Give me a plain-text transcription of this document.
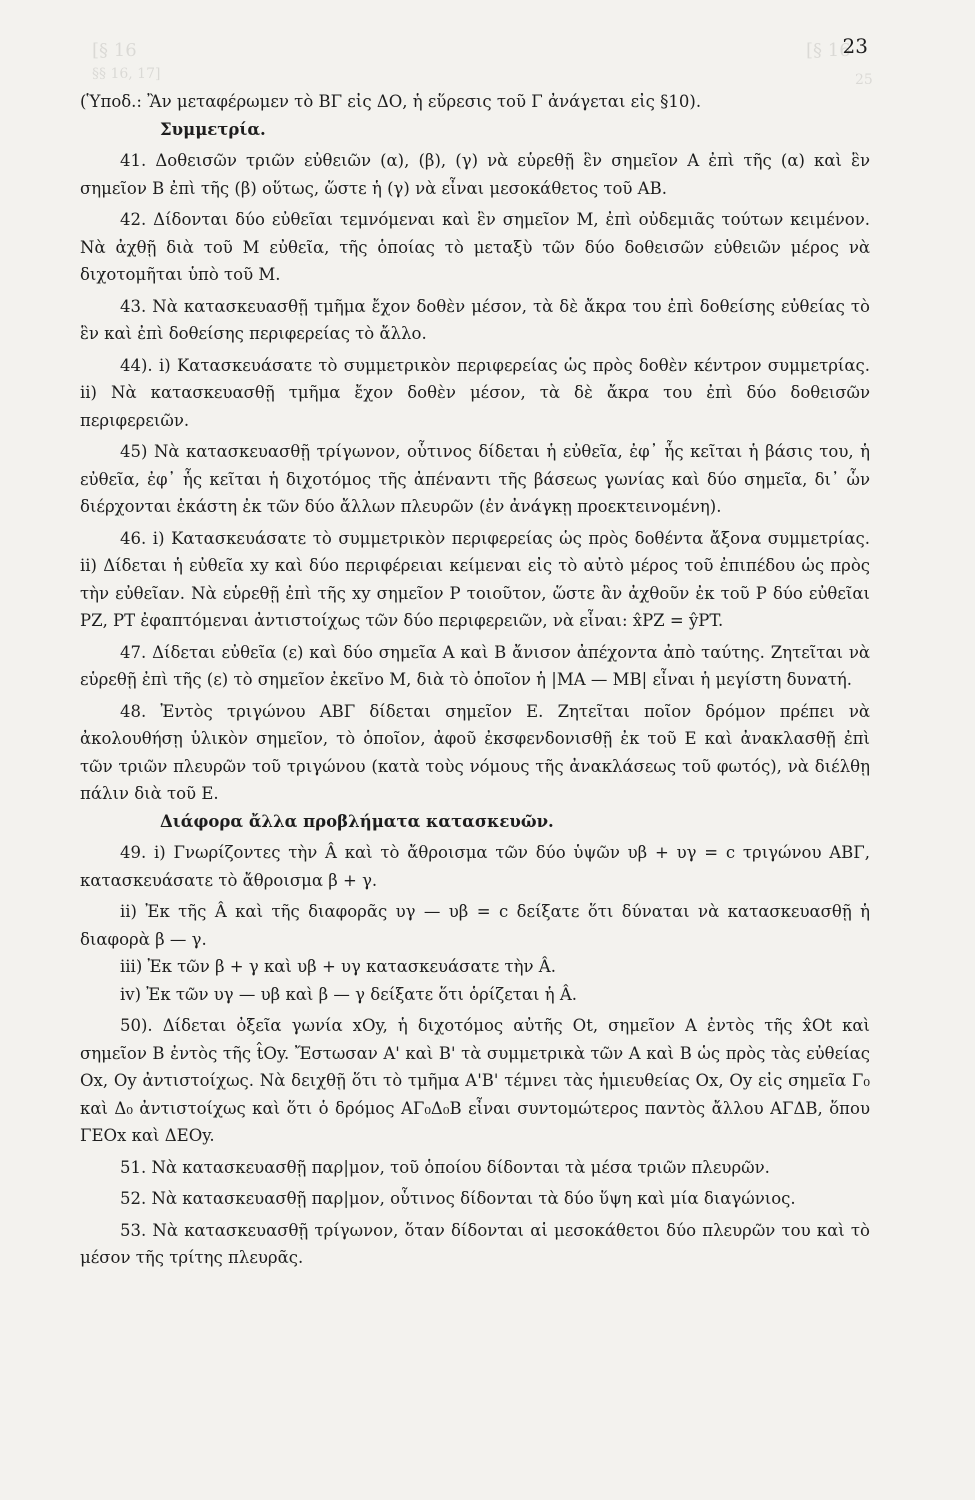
[§ 16	[§ 16
§§ 16, 17]	25
23

(Ὑποδ.: Ἂν μεταφέρωμεν τὸ ΒΓ εἰς ΔΟ, ἡ εὕρεσις τοῦ Γ ἀνάγεται εἰς §10).

Συμμετρία.

41. Δοθεισῶν τριῶν εὐθειῶν (α), (β), (γ) νὰ εὑρεθῇ ἓν σημεῖον Α ἐπὶ τῆς (α) καὶ ἓν σημεῖον Β ἐπὶ τῆς (β) οὕτως, ὥστε ἡ (γ) νὰ εἶναι μεσοκάθετος τοῦ ΑΒ.

42. Δίδονται δύο εὐθεῖαι τεμνόμεναι καὶ ἓν σημεῖον Μ, ἐπὶ οὐδεμιᾶς τούτων κειμένον. Νὰ ἀχθῇ διὰ τοῦ Μ εὐθεῖα, τῆς ὁποίας τὸ μεταξὺ τῶν δύο δοθεισῶν εὐθειῶν μέρος νὰ διχοτομῆται ὑπὸ τοῦ Μ.

43. Νὰ κατασκευασθῇ τμῆμα ἔχον δοθὲν μέσον, τὰ δὲ ἄκρα του ἐπὶ δοθείσης εὐθείας τὸ ἓν καὶ ἐπὶ δοθείσης περιφερείας τὸ ἄλλο.

44). i) Κατασκευάσατε τὸ συμμετρικὸν περιφερείας ὡς πρὸς δοθὲν κέντρον συμμετρίας. ii) Νὰ κατασκευασθῇ τμῆμα ἔχον δοθὲν μέσον, τὰ δὲ ἄκρα του ἐπὶ δύο δοθεισῶν περιφερειῶν.

45) Νὰ κατασκευασθῇ τρίγωνον, οὗτινος δίδεται ἡ εὐθεῖα, ἐφ᾿ ἧς κεῖται ἡ βάσις του, ἡ εὐθεῖα, ἐφ᾿ ἧς κεῖται ἡ διχοτόμος τῆς ἀπέναντι τῆς βάσεως γωνίας καὶ δύο σημεῖα, δι᾿ ὧν διέρχονται ἑκάστη ἐκ τῶν δύο ἄλλων πλευρῶν (ἐν ἀνάγκῃ προεκτεινομένη).

46. i) Κατασκευάσατε τὸ συμμετρικὸν περιφερείας ὡς πρὸς δοθέντα ἄξονα συμμετρίας. ii) Δίδεται ἡ εὐθεῖα xy καὶ δύο περιφέρειαι κείμεναι εἰς τὸ αὐτὸ μέρος τοῦ ἐπιπέδου ὡς πρὸς τὴν εὐθεῖαν. Νὰ εὑρεθῇ ἐπὶ τῆς xy σημεῖον Ρ τοιοῦτον, ὥστε ἂν ἀχθοῦν ἐκ τοῦ Ρ δύο εὐθεῖαι ΡΖ, ΡΤ ἐφαπτόμεναι ἀντιστοίχως τῶν δύο περιφερειῶν, νὰ εἶναι: x̂PZ = ŷPT.

47. Δίδεται εὐθεῖα (ε) καὶ δύο σημεῖα Α καὶ Β ἄνισον ἀπέχοντα ἀπὸ ταύτης. Ζητεῖται νὰ εὑρεθῇ ἐπὶ τῆς (ε) τὸ σημεῖον ἐκεῖνο Μ, διὰ τὸ ὁποῖον ἡ |ΜΑ — ΜΒ| εἶναι ἡ μεγίστη δυνατή.

48. Ἐντὸς τριγώνου ΑΒΓ δίδεται σημεῖον Ε. Ζητεῖται ποῖον δρόμον πρέπει νὰ ἀκολουθήσῃ ὑλικὸν σημεῖον, τὸ ὁποῖον, ἀφοῦ ἐκσφενδονισθῇ ἐκ τοῦ Ε καὶ ἀνακλασθῇ ἐπὶ τῶν τριῶν πλευρῶν τοῦ τριγώνου (κατὰ τοὺς νόμους τῆς ἀνακλάσεως τοῦ φωτός), νὰ διέλθῃ πάλιν διὰ τοῦ Ε.

Διάφορα ἄλλα προβλήματα κατασκευῶν.

49. i) Γνωρίζοντες τὴν Â καὶ τὸ ἄθροισμα τῶν δύο ὑψῶν υβ + υγ = c τριγώνου ΑΒΓ, κατασκευάσατε τὸ ἄθροισμα β + γ.

ii) Ἐκ τῆς Â καὶ τῆς διαφορᾶς υγ — υβ = c δείξατε ὅτι δύναται νὰ κατασκευασθῇ ἡ διαφορὰ β — γ.

iii) Ἐκ τῶν β + γ καὶ υβ + υγ κατασκευάσατε τὴν Â.

iv) Ἐκ τῶν υγ — υβ καὶ β — γ δείξατε ὅτι ὁρίζεται ἡ Â.

50). Δίδεται ὀξεῖα γωνία xOy, ἡ διχοτόμος αὐτῆς Ot, σημεῖον Α ἐντὸς τῆς x̂Ot καὶ σημεῖον Β ἐντὸς τῆς t̂Oy. Ἔστωσαν Α' καὶ Β' τὰ συμμετρικὰ τῶν Α καὶ Β ὡς πρὸς τὰς εὐθείας Ox, Oy ἀντιστοίχως. Νὰ δειχθῇ ὅτι τὸ τμῆμα Α'Β' τέμνει τὰς ἡμιευθείας Ox, Oy εἰς σημεῖα Γ₀ καὶ Δ₀ ἀντιστοίχως καὶ ὅτι ὁ δρόμος ΑΓ₀Δ₀Β εἶναι συντομώτερος παντὸς ἄλλου ΑΓΔΒ, ὅπου ΓΕΟx καὶ ΔΕΟy.

51. Νὰ κατασκευασθῇ παρ|μον, τοῦ ὁποίου δίδονται τὰ μέσα τριῶν πλευρῶν.

52. Νὰ κατασκευασθῇ παρ|μον, οὗτινος δίδονται τὰ δύο ὕψη καὶ μία διαγώνιος.

53. Νὰ κατασκευασθῇ τρίγωνον, ὅταν δίδονται αἱ μεσοκάθετοι δύο πλευρῶν του καὶ τὸ μέσον τῆς τρίτης πλευρᾶς.
